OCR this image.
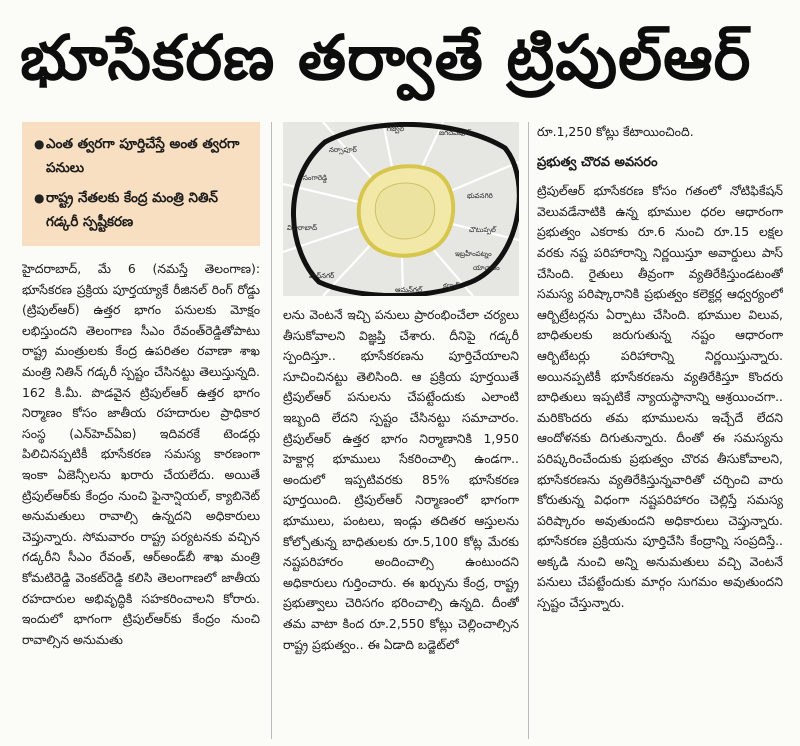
భూసేకరణ తర్వాతే ట్రిపుల్‌ఆర్‌
● ఎంత త్వరగా పూర్తిచేస్తే అంత త్వరగా పనులు
● రాష్ట్ర నేతలకు కేంద్ర మంత్రి నితిన్‌ గడ్కరీ స్పష్టీకరణ
గజ్వేల్‌	జగదేవ్‌పూర్‌
నర్సాపూర్‌
భువనగిరి
సంగారెడ్డి
చౌటుప్పల్‌
వికారాబాద్‌
ఇబ్రహీంపట్నం
షాద్‌నగర్‌
కడ్తాల్‌
యాచారం
ఆమన్‌గల్‌

హైదరాబాద్‌, మే 6 (నమస్తే తెలంగాణ): భూసేకరణ ప్రక్రియ పూర్తయ్యాకే రీజినల్‌ రింగ్‌ రోడ్డు (ట్రిపుల్‌ఆర్‌) ఉత్తర భాగం పనులకు మోక్షం లభిస్తుందని తెలంగాణ సీఎం రేవంత్‌రెడ్డితోపాటు రాష్ట్ర మంత్రులకు కేంద్ర ఉపరితల రవాణా శాఖ మంత్రి నితిన్‌ గడ్కరీ స్పష్టం చేసినట్టు తెలుస్తున్నది. 162 కి.మీ. పొడవైన ట్రిపుల్‌ఆర్‌ ఉత్తర భాగం నిర్మాణం కోసం జాతీయ రహదారుల ప్రాధికార సంస్థ (ఎన్‌హెచ్‌ఏఐ) ఇదివరకే టెండర్లు పిలిచినప్పటికీ భూసేకరణ సమస్య కారణంగా ఇంకా ఏజెన్సీలను ఖరారు చేయలేదు. అయితే ట్రిపుల్‌ఆర్‌కు కేంద్రం నుంచి ఫైనాన్షియల్‌, క్యాబినెట్‌ అనుమతులు రావాల్సి ఉన్నదని అధికారులు చెప్తున్నారు. సోమవారం రాష్ట్ర పర్యటనకు వచ్చిన గడ్కరీని సీఎం రేవంత్‌, ఆర్‌అండ్‌బీ శాఖ మంత్రి కోమటిరెడ్డి వెంకట్‌రెడ్డి కలిసి తెలంగాణలో జాతీయ రహదారుల అభివృద్ధికి సహకరించాలని కోరారు. ఇందులో భాగంగా ట్రిపుల్‌ఆర్‌కు కేంద్రం నుంచి రావాల్సిన అనుమతు

లను వెంటనే ఇచ్చి పనులు ప్రారంభించేలా చర్యలు తీసుకోవాలని విజ్ఞప్తి చేశారు. దీనిపై గడ్కరీ స్పందిస్తూ.. భూసేకరణను పూర్తిచేయాలని సూచించినట్టు తెలిసింది. ఆ ప్రక్రియ పూర్తయితే ట్రిపుల్‌ఆర్‌ పనులను చేపట్టేందుకు ఎలాంటి ఇబ్బంది లేదని స్పష్టం చేసినట్టు సమాచారం. ట్రిపుల్‌ఆర్‌ ఉత్తర భాగం నిర్మాణానికి 1,950 హెక్టార్ల భూములు సేకరించాల్సి ఉండగా.. అందులో ఇప్పటివరకు 85% భూసేకరణ పూర్తయింది. ట్రిపుల్‌ఆర్‌ నిర్మాణంలో భాగంగా భూములు, పంటలు, ఇండ్లు తదితర ఆస్తులను కోల్పోతున్న బాధితులకు రూ.5,100 కోట్ల మేరకు నష్టపరిహారం అందించాల్సి ఉంటుందని అధికారులు గుర్తించారు. ఈ ఖర్చును కేంద్ర, రాష్ట్ర ప్రభుత్వాలు చెరిసగం భరించాల్సి ఉన్నది. దీంతో తమ వాటా కింద రూ.2,550 కోట్లు చెల్లించాల్సిన రాష్ట్ర ప్రభుత్వం.. ఈ ఏడాది బడ్జెట్‌లో

రూ.1,250 కోట్లు కేటాయించింది.

ప్రభుత్వ చొరవ అవసరం

ట్రిపుల్‌ఆర్‌ భూసేకరణ కోసం గతంలో నోటిఫికేషన్‌ వెలువడేనాటికి ఉన్న భూముల ధరల ఆధారంగా ప్రభుత్వం ఎకరాకు రూ.6 నుంచి రూ.15 లక్షల వరకు నష్ట పరిహారాన్ని నిర్ణయిస్తూ అవార్డులు పాస్‌ చేసింది. రైతులు తీవ్రంగా వ్యతిరేకిస్తుండటంతో సమస్య పరిష్కారానికి ప్రభుత్వం కలెక్టర్ల ఆధ్వర్యంలో ఆర్బిట్రేటర్లను ఏర్పాటు చేసింది. భూముల విలువ, బాధితులకు జరుగుతున్న నష్టం ఆధారంగా ఆర్బిటేటర్లు పరిహారాన్ని నిర్ణయిస్తున్నారు. అయినప్పటికీ భూసేకరణను వ్యతిరేకిస్తూ కొందరు బాధితులు ఇప్పటికే న్యాయస్థానాన్ని ఆశ్రయించగా.. మరికొందరు తమ భూములను ఇచ్చేదే లేదని ఆందోళనకు దిగుతున్నారు. దీంతో ఈ సమస్యను పరిష్కరించేందుకు ప్రభుత్వం చొరవ తీసుకోవాలని, భూసేకరణను వ్యతిరేకిస్తున్నవారితో చర్చించి వారు కోరుతున్న విధంగా నష్టపరిహారం చెల్లిస్తే సమస్య పరిష్కారం అవుతుందని అధికారులు చెప్తున్నారు. భూసేకరణ ప్రక్రియను పూర్తిచేసి కేంద్రాన్ని సంప్రదిస్తే.. అక్కడి నుంచి అన్ని అనుమతులు వచ్చి వెంటనే పనులు చేపట్టేందుకు మార్గం సుగమం అవుతుందని స్పష్టం చేస్తున్నారు.
